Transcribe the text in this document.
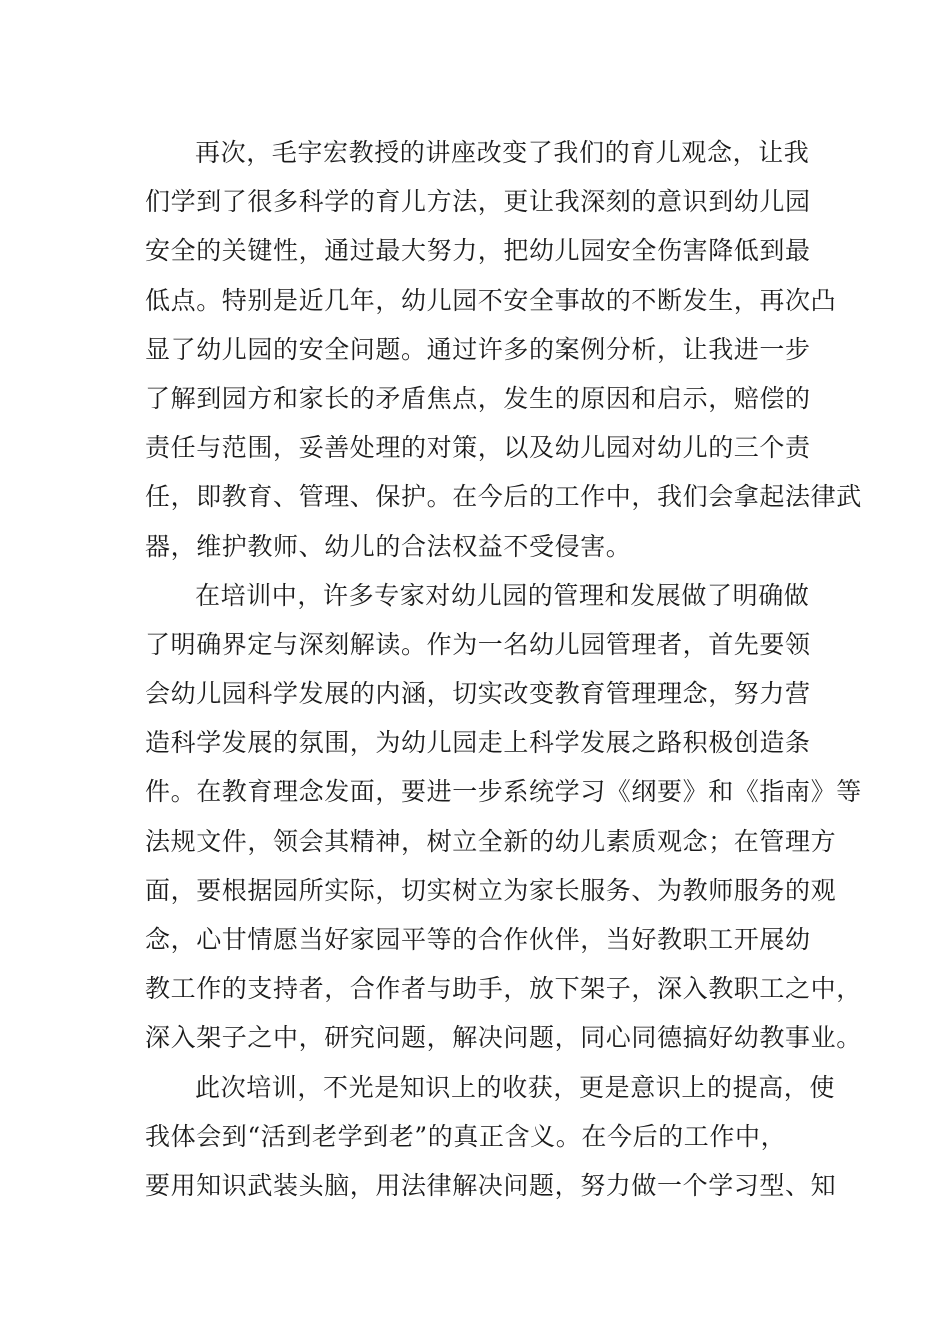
再次，毛宇宏教授的讲座改变了我们的育儿观念，让我
们学到了很多科学的育儿方法，更让我深刻的意识到幼儿园
安全的关键性，通过最大努力，把幼儿园安全伤害降低到最
低点。特别是近几年，幼儿园不安全事故的不断发生，再次凸
显了幼儿园的安全问题。通过许多的案例分析，让我进一步
了解到园方和家长的矛盾焦点，发生的原因和启示，赔偿的
责任与范围，妥善处理的对策，以及幼儿园对幼儿的三个责
任，即教育、管理、保护。在今后的工作中，我们会拿起法律武
器，维护教师、幼儿的合法权益不受侵害。
在培训中，许多专家对幼儿园的管理和发展做了明确做
了明确界定与深刻解读。作为一名幼儿园管理者，首先要领
会幼儿园科学发展的内涵，切实改变教育管理理念，努力营
造科学发展的氛围，为幼儿园走上科学发展之路积极创造条
件。在教育理念发面，要进一步系统学习《纲要》和《指南》等
法规文件，领会其精神，树立全新的幼儿素质观念；在管理方
面，要根据园所实际，切实树立为家长服务、为教师服务的观
念，心甘情愿当好家园平等的合作伙伴，当好教职工开展幼
教工作的支持者，合作者与助手，放下架子，深入教职工之中，
深入架子之中，研究问题，解决问题，同心同德搞好幼教事业。
此次培训，不光是知识上的收获，更是意识上的提高，使
我体会到“活到老学到老”的真正含义。在今后的工作中，
要用知识武装头脑，用法律解决问题，努力做一个学习型、知
